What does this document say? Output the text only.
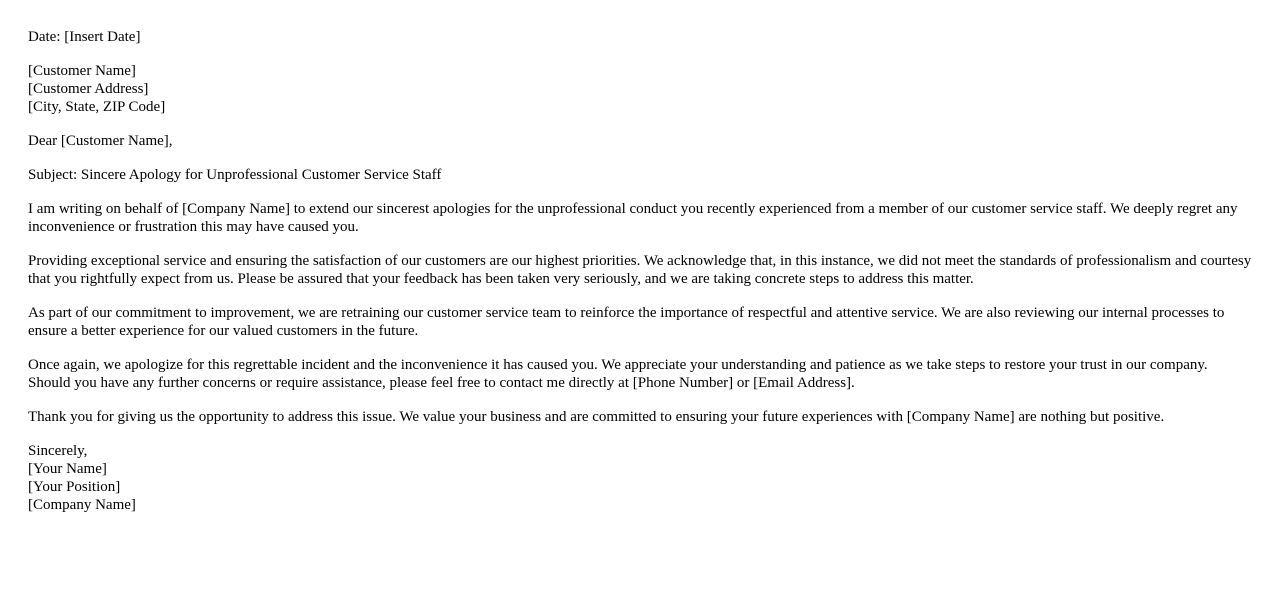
Date: [Insert Date]

[Customer Name]
[Customer Address]
[City, State, ZIP Code]

Dear [Customer Name],

Subject: Sincere Apology for Unprofessional Customer Service Staff

I am writing on behalf of [Company Name] to extend our sincerest apologies for the unprofessional conduct you recently experienced from a member of our customer service staff. We deeply regret any inconvenience or frustration this may have caused you.

Providing exceptional service and ensuring the satisfaction of our customers are our highest priorities. We acknowledge that, in this instance, we did not meet the standards of professionalism and courtesy that you rightfully expect from us. Please be assured that your feedback has been taken very seriously, and we are taking concrete steps to address this matter.

As part of our commitment to improvement, we are retraining our customer service team to reinforce the importance of respectful and attentive service. We are also reviewing our internal processes to ensure a better experience for our valued customers in the future.

Once again, we apologize for this regrettable incident and the inconvenience it has caused you. We appreciate your understanding and patience as we take steps to restore your trust in our company. Should you have any further concerns or require assistance, please feel free to contact me directly at [Phone Number] or [Email Address].

Thank you for giving us the opportunity to address this issue. We value your business and are committed to ensuring your future experiences with [Company Name] are nothing but positive.

Sincerely,
[Your Name]
[Your Position]
[Company Name]
